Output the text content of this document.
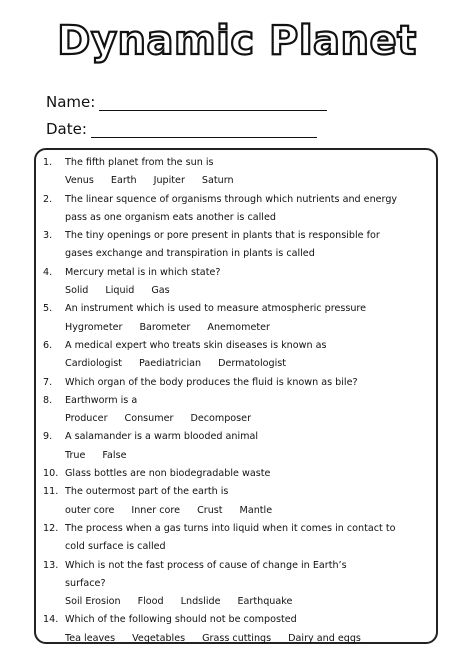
Dynamic Planet
Name:
Date:
1.	The fifth planet from the sun is
Venus Earth Jupiter Saturn
2.	The linear squence of organisms through which nutrients and energy
pass as one organism eats another is called
3.	The tiny openings or pore present in plants that is responsible for
gases exchange and transpiration in plants is called
4.	Mercury metal is in which state?
Solid Liquid Gas
5.	An instrument which is used to measure atmospheric pressure
Hygrometer Barometer Anemometer
6.	A medical expert who treats skin diseases is known as
Cardiologist Paediatrician Dermatologist
7.	Which organ of the body produces the fluid is known as bile?
8.	Earthworm is a
Producer Consumer Decomposer
9.	A salamander is a warm blooded animal
True False
10. Glass bottles are non biodegradable waste
11. The outermost part of the earth is
outer core Inner core Crust Mantle
12. The process when a gas turns into liquid when it comes in contact to
cold surface is called
13. Which is not the fast process of cause of change in Earth’s
surface?
Soil Erosion Flood Lndslide Earthquake
14. Which of the following should not be composted
Tea leaves Vegetables Grass cuttings Dairy and eggs
